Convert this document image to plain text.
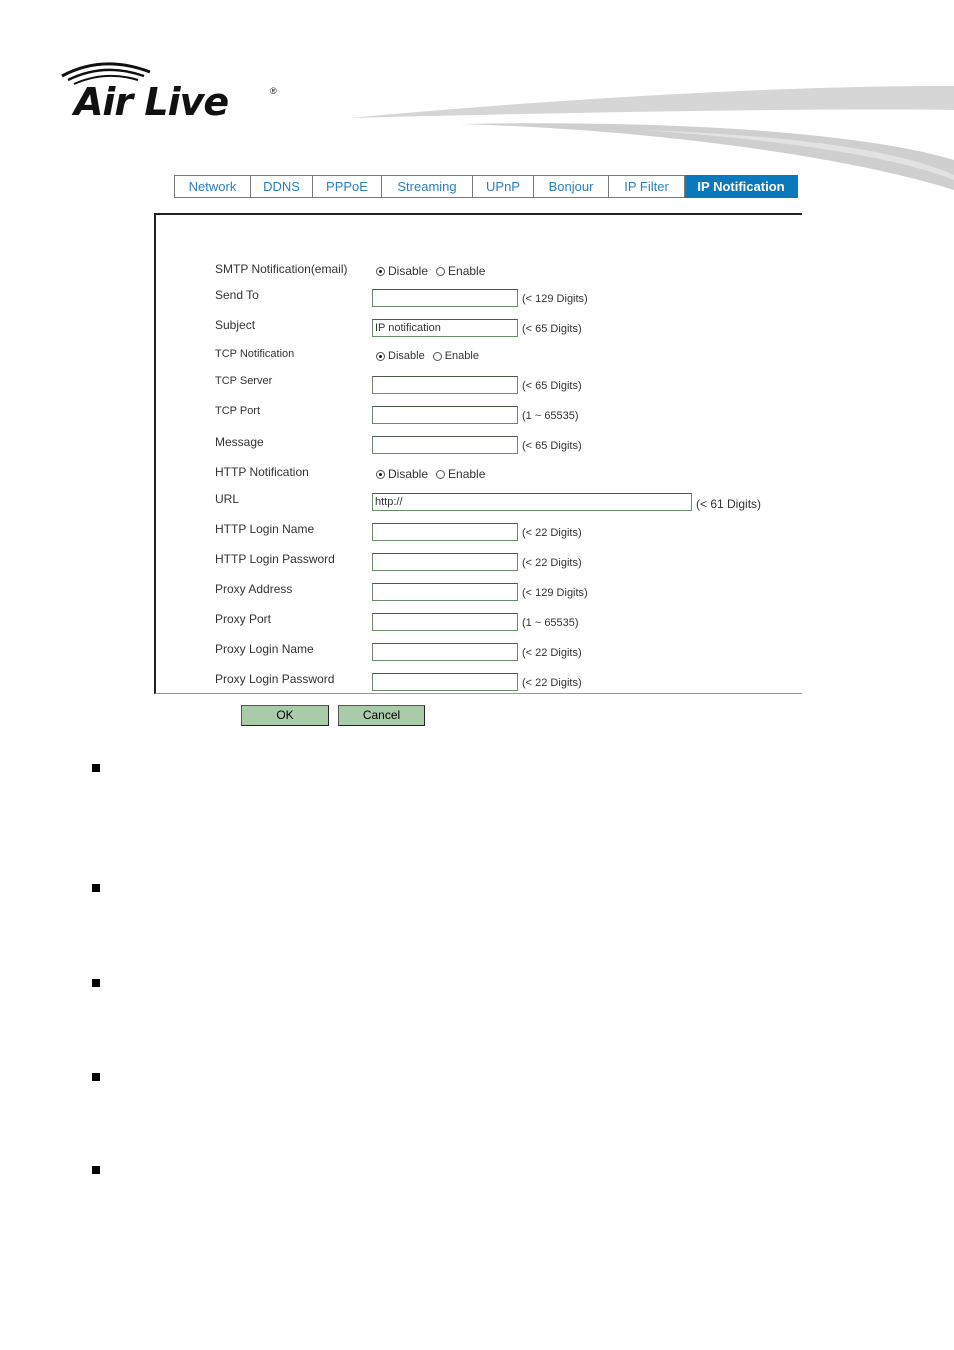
Air Live	®
Network	DDNS	PPPoE	Streaming	UPnP	Bonjour	IP Filter	IP Notification
SMTP Notification(email)	Disable Enable
Send To	(< 129 Digits)
Subject	IP notification	(< 65 Digits)
TCP Notification	Disable Enable
TCP Server	(< 65 Digits)
TCP Port	(1 ~ 65535)
Message	(< 65 Digits)
HTTP Notification	Disable Enable
URL	http://	(< 61 Digits)
HTTP Login Name	(< 22 Digits)
HTTP Login Password	(< 22 Digits)
Proxy Address	(< 129 Digits)
Proxy Port	(1 ~ 65535)
Proxy Login Name	(< 22 Digits)
Proxy Login Password	(< 22 Digits)
OK	Cancel
